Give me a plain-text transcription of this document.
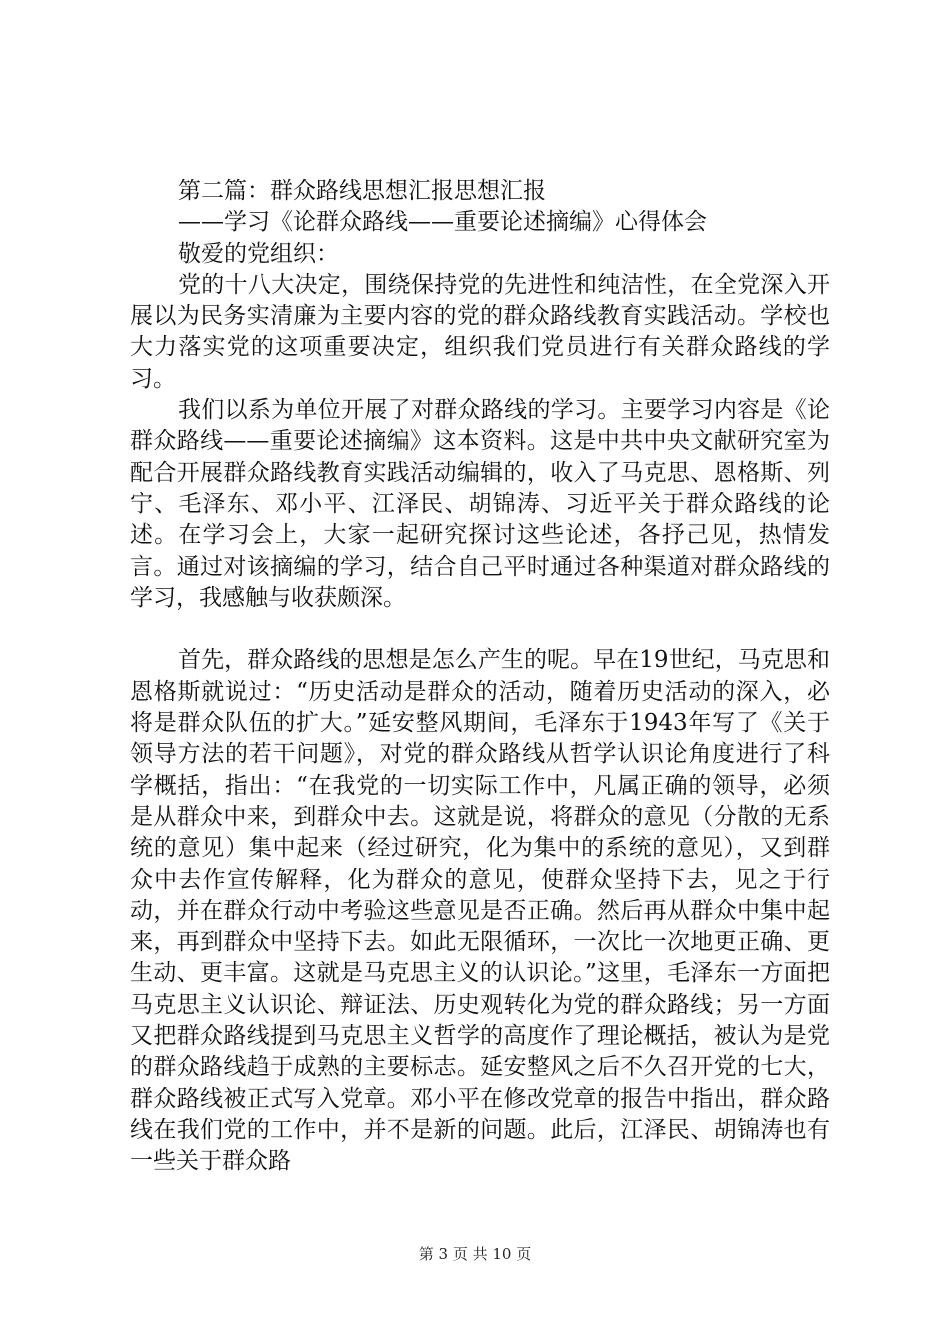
第二篇：群众路线思想汇报思想汇报

——学习《论群众路线——重要论述摘编》心得体会

敬爱的党组织：

党的十八大决定，围绕保持党的先进性和纯洁性，在全党深入开展以为民务实清廉为主要内容的党的群众路线教育实践活动。学校也大力落实党的这项重要决定，组织我们党员进行有关群众路线的学习。

我们以系为单位开展了对群众路线的学习。主要学习内容是《论群众路线——重要论述摘编》这本资料。这是中共中央文献研究室为配合开展群众路线教育实践活动编辑的，收入了马克思、恩格斯、列宁、毛泽东、邓小平、江泽民、胡锦涛、习近平关于群众路线的论述。在学习会上，大家一起研究探讨这些论述，各抒己见，热情发言。通过对该摘编的学习，结合自己平时通过各种渠道对群众路线的学习，我感触与收获颇深。

首先，群众路线的思想是怎么产生的呢。早在19世纪，马克思和恩格斯就说过：“历史活动是群众的活动，随着历史活动的深入，必将是群众队伍的扩大。”延安整风期间，毛泽东于1943年写了《关于领导方法的若干问题》，对党的群众路线从哲学认识论角度进行了科学概括，指出：“在我党的一切实际工作中，凡属正确的领导，必须是从群众中来，到群众中去。这就是说，将群众的意见（分散的无系统的意见）集中起来（经过研究，化为集中的系统的意见），又到群众中去作宣传解释，化为群众的意见，使群众坚持下去，见之于行动，并在群众行动中考验这些意见是否正确。然后再从群众中集中起来，再到群众中坚持下去。如此无限循环，一次比一次地更正确、更生动、更丰富。这就是马克思主义的认识论。”这里，毛泽东一方面把马克思主义认识论、辩证法、历史观转化为党的群众路线；另一方面又把群众路线提到马克思主义哲学的高度作了理论概括，被认为是党的群众路线趋于成熟的主要标志。延安整风之后不久召开党的七大，群众路线被正式写入党章。邓小平在修改党章的报告中指出，群众路线在我们党的工作中，并不是新的问题。此后，江泽民、胡锦涛也有一些关于群众路

第 3 页 共 10 页
